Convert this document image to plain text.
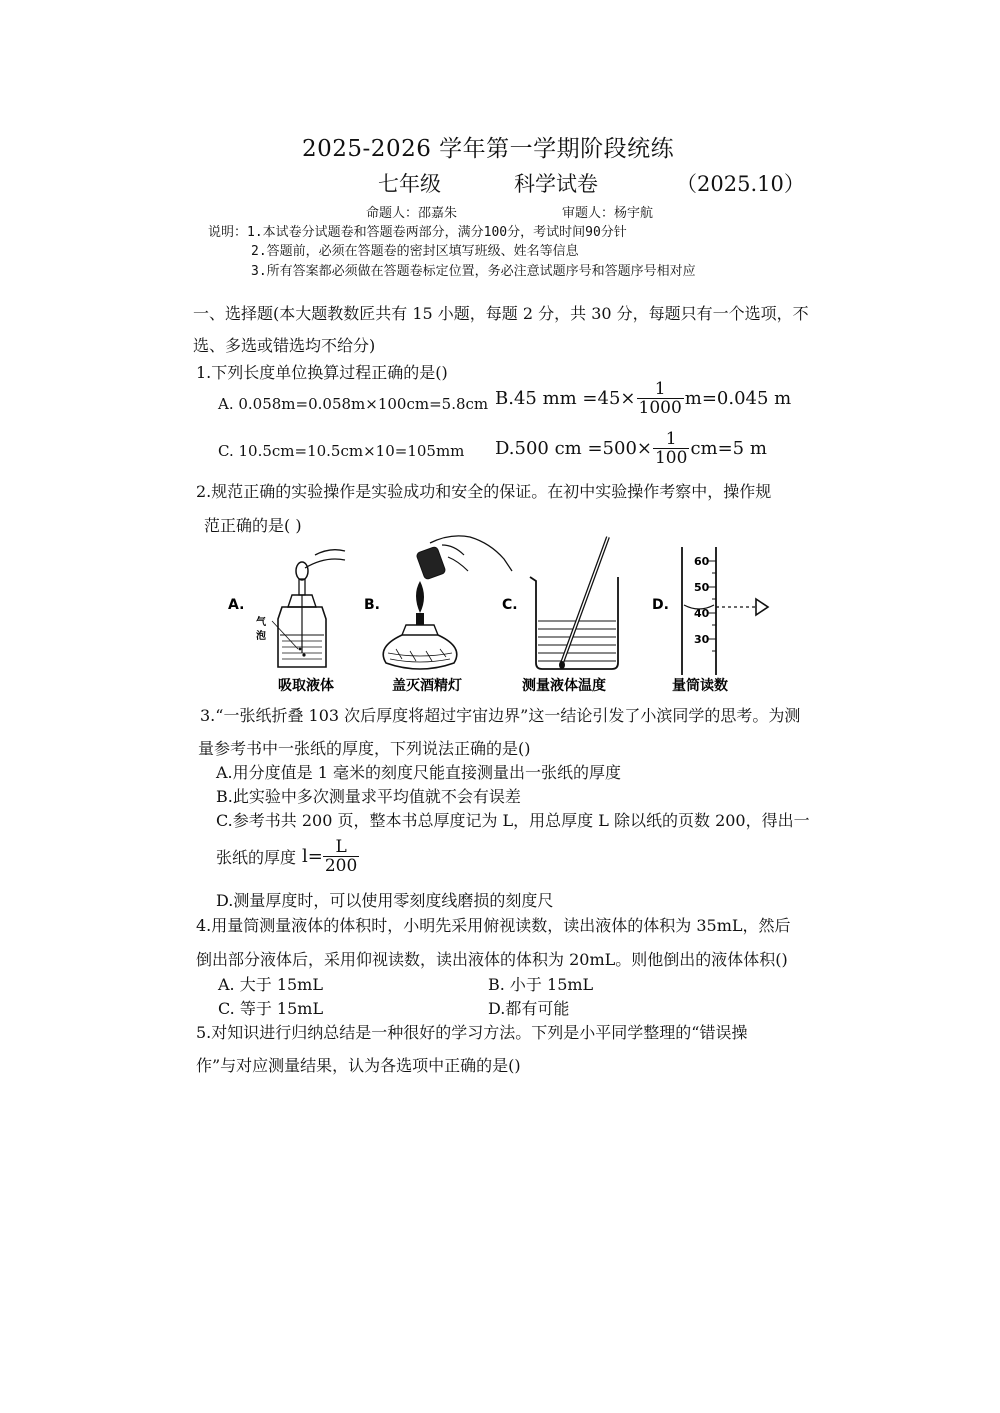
2025-2026 学年第一学期阶段统练
七年级	科学试卷	（2025.10）
命题人：邵嘉朱	审题人：杨宇航
说明：1.本试卷分试题卷和答题卷两部分，满分100分，考试时间90分针
2.答题前，必须在答题卷的密封区填写班级、姓名等信息
3.所有答案都必须做在答题卷标定位置，务必注意试题序号和答题序号相对应
一、选择题(本大题教数匠共有 15 小题，每题 2 分，共 30 分，每题只有一个选项，不
选、多选或错选均不给分)
1.下列长度单位换算过程正确的是()
A. 0.058m=0.058m×100cm=5.8cm B.45 mm $=45\times \frac{1}{1000} m=0.045$ m
C. 10.5cm=10.5cm×10=105mm D.500 cm $=500\times \frac{1}{100} cm=5$ m
2.规范正确的实验操作是实验成功和安全的保证。在初中实验操作考察中，操作规
范正确的是( )
A.
气
泡
吸取液体
B.
盖灭酒精灯
C.
测量液体温度
D.
60
50
40
30
量筒读数
3.“一张纸折叠 103 次后厚度将超过宇宙边界”这一结论引发了小滨同学的思考。为测
量参考书中一张纸的厚度，下列说法正确的是()
A.用分度值是 1 毫米的刻度尺能直接测量出一张纸的厚度
B.此实验中多次测量求平均值就不会有误差
C.参考书共 200 页，整本书总厚度记为 L，用总厚度 L 除以纸的页数 200，得出一
张纸的厚度 $l= \frac{L}{200}$
D.测量厚度时，可以使用零刻度线磨损的刻度尺
4.用量筒测量液体的体积时，小明先采用俯视读数，读出液体的体积为 35mL，然后
倒出部分液体后，采用仰视读数，读出液体的体积为 20mL。则他倒出的液体体积()
A. 大于 15mL	B. 小于 15mL
C. 等于 15mL	D.都有可能
5.对知识进行归纳总结是一种很好的学习方法。下列是小平同学整理的“错误操
作”与对应测量结果，认为各选项中正确的是()
